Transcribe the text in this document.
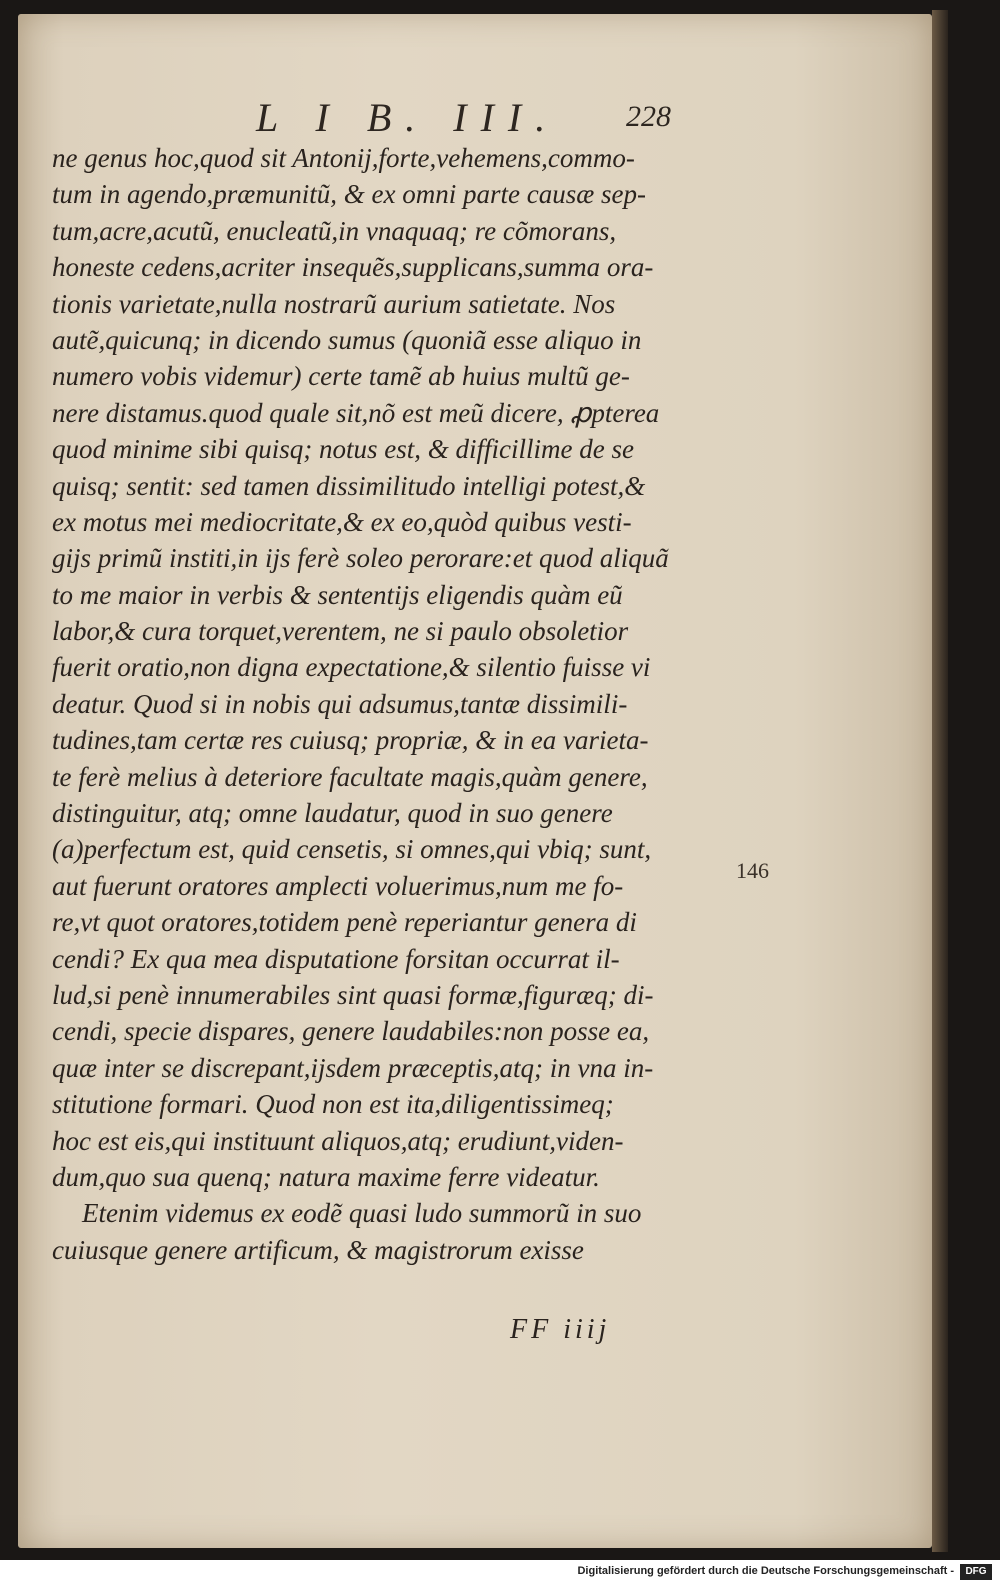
L I B. III. 228
ne genus hoc,quod sit Antonij,forte,vehemens,commo-
tum in agendo,præmunitũ, & ex omni parte causæ sep-
tum,acre,acutũ, enucleatũ,in vnaquaq; re cõmorans,
honeste cedens,acriter insequẽs,supplicans,summa ora-
tionis varietate,nulla nostrarũ aurium satietate. Nos
autẽ,quicunq; in dicendo sumus (quoniã esse aliquo in
numero vobis videmur) certe tamẽ ab huius multũ ge-
nere distamus.quod quale sit,nõ est meũ dicere, ꝓpterea
quod minime sibi quisq; notus est, & difficillime de se
quisq; sentit: sed tamen dissimilitudo intelligi potest,&
ex motus mei mediocritate,& ex eo,quòd quibus vesti-
gijs primũ institi,in ijs ferè soleo perorare:et quod aliquã
to me maior in verbis & sententijs eligendis quàm eũ
labor,& cura torquet,verentem, ne si paulo obsoletior
fuerit oratio,non digna expectatione,& silentio fuisse vi
deatur. Quod si in nobis qui adsumus,tantæ dissimili-
tudines,tam certæ res cuiusq; propriæ, & in ea varieta-
te ferè melius à deteriore facultate magis,quàm genere,
distinguitur, atq; omne laudatur, quod in suo genere
(a)perfectum est, quid censetis, si omnes,qui vbiq; sunt,
aut fuerunt oratores amplecti voluerimus,num me fo-
re,vt quot oratores,totidem penè reperiantur genera di
cendi? Ex qua mea disputatione forsitan occurrat il-
lud,si penè innumerabiles sint quasi formæ,figuræq; di-
cendi, specie dispares, genere laudabiles:non posse ea,
quæ inter se discrepant,ijsdem præceptis,atq; in vna in-
stitutione formari. Quod non est ita,diligentissimeq;
hoc est eis,qui instituunt aliquos,atq; erudiunt,viden-
dum,quo sua quenq; natura maxime ferre videatur.
Etenim videmus ex eodẽ quasi ludo summorũ in suo
cuiusque genere artificum, & magistrorum exisse
146
FF iiij
Digitalisierung gefördert durch die Deutsche Forschungsgemeinschaft -	DFG
